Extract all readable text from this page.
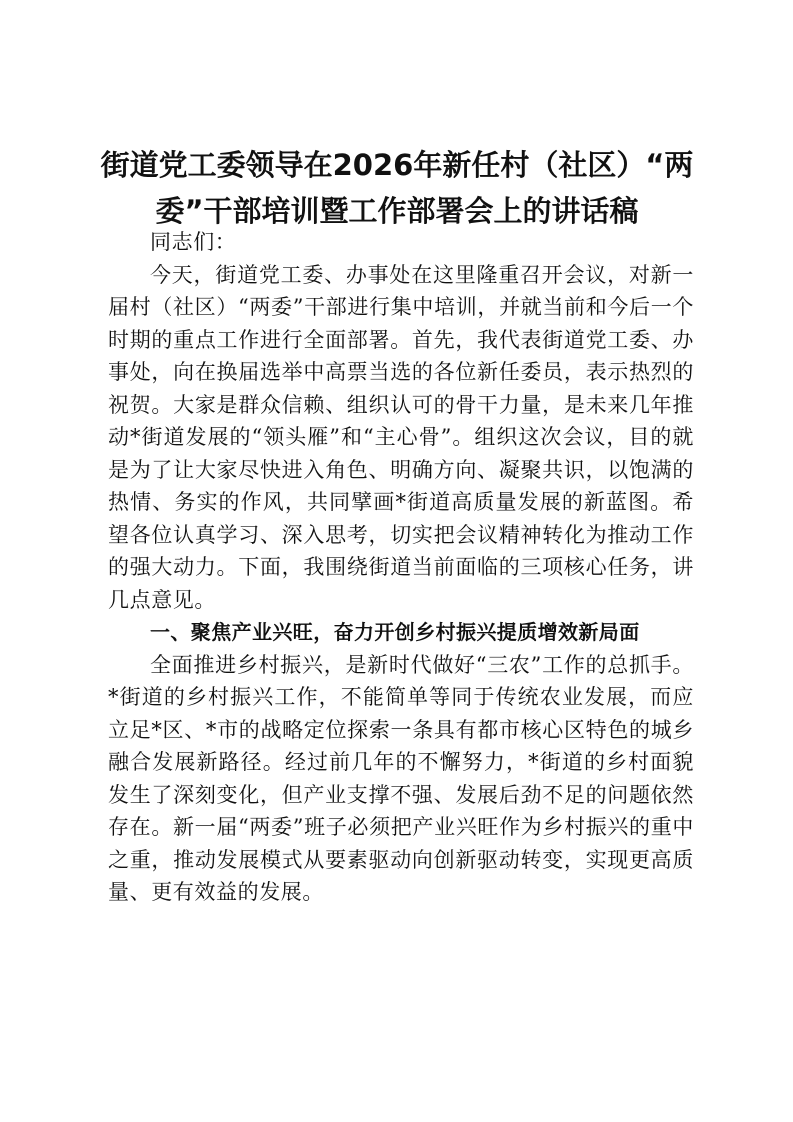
街道党工委领导在2026年新任村（社区）“两委”干部培训暨工作部署会上的讲话稿

同志们：

今天，街道党工委、办事处在这里隆重召开会议，对新一届村（社区）“两委”干部进行集中培训，并就当前和今后一个时期的重点工作进行全面部署。首先，我代表街道党工委、办事处，向在换届选举中高票当选的各位新任委员，表示热烈的祝贺。大家是群众信赖、组织认可的骨干力量，是未来几年推动*街道发展的“领头雁”和“主心骨”。组织这次会议，目的就是为了让大家尽快进入角色、明确方向、凝聚共识，以饱满的热情、务实的作风，共同擘画*街道高质量发展的新蓝图。希望各位认真学习、深入思考，切实把会议精神转化为推动工作的强大动力。下面，我围绕街道当前面临的三项核心任务，讲几点意见。

一、聚焦产业兴旺，奋力开创乡村振兴提质增效新局面

全面推进乡村振兴，是新时代做好“三农”工作的总抓手。*街道的乡村振兴工作，不能简单等同于传统农业发展，而应立足*区、*市的战略定位探索一条具有都市核心区特色的城乡融合发展新路径。经过前几年的不懈努力，*街道的乡村面貌发生了深刻变化，但产业支撑不强、发展后劲不足的问题依然存在。新一届“两委”班子必须把产业兴旺作为乡村振兴的重中之重，推动发展模式从要素驱动向创新驱动转变，实现更高质量、更有效益的发展。
